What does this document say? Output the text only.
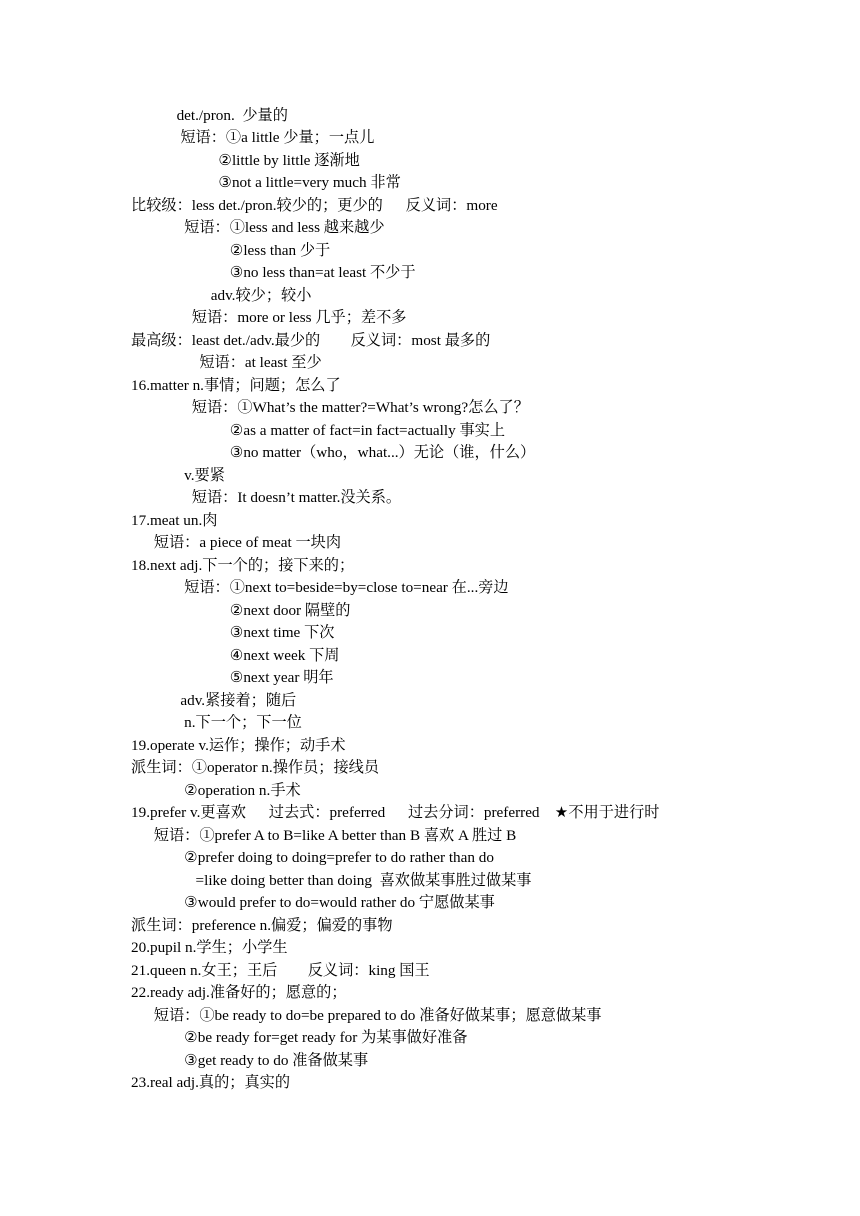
det./pron.  少量的
短语：①a little 少量；一点儿
②little by little 逐渐地
③not a little=very much 非常
比较级：less det./pron.较少的；更少的      反义词：more
短语：①less and less 越来越少
②less than 少于
③no less than=at least 不少于
adv.较少；较小
短语：more or less 几乎；差不多
最高级：least det./adv.最少的        反义词：most 最多的
短语：at least 至少
16.matter n.事情；问题；怎么了
短语：①What’s the matter?=What’s wrong?怎么了？
②as a matter of fact=in fact=actually 事实上
③no matter（who，what...）无论（谁，什么）
v.要紧
短语：It doesn’t matter.没关系。
17.meat un.肉
短语：a piece of meat 一块肉
18.next adj.下一个的；接下来的；
短语：①next to=beside=by=close to=near 在...旁边
②next door 隔壁的
③next time 下次
④next week 下周
⑤next year 明年
adv.紧接着；随后
n.下一个；下一位
19.operate v.运作；操作；动手术
派生词：①operator n.操作员；接线员
②operation n.手术
19.prefer v.更喜欢      过去式：preferred      过去分词：preferred    ★不用于进行时
短语：①prefer A to B=like A better than B 喜欢 A 胜过 B
②prefer doing to doing=prefer to do rather than do
=like doing better than doing  喜欢做某事胜过做某事
③would prefer to do=would rather do 宁愿做某事
派生词：preference n.偏爱；偏爱的事物
20.pupil n.学生；小学生
21.queen n.女王；王后        反义词：king 国王
22.ready adj.准备好的；愿意的；
短语：①be ready to do=be prepared to do 准备好做某事；愿意做某事
②be ready for=get ready for 为某事做好准备
③get ready to do 准备做某事
23.real adj.真的；真实的
